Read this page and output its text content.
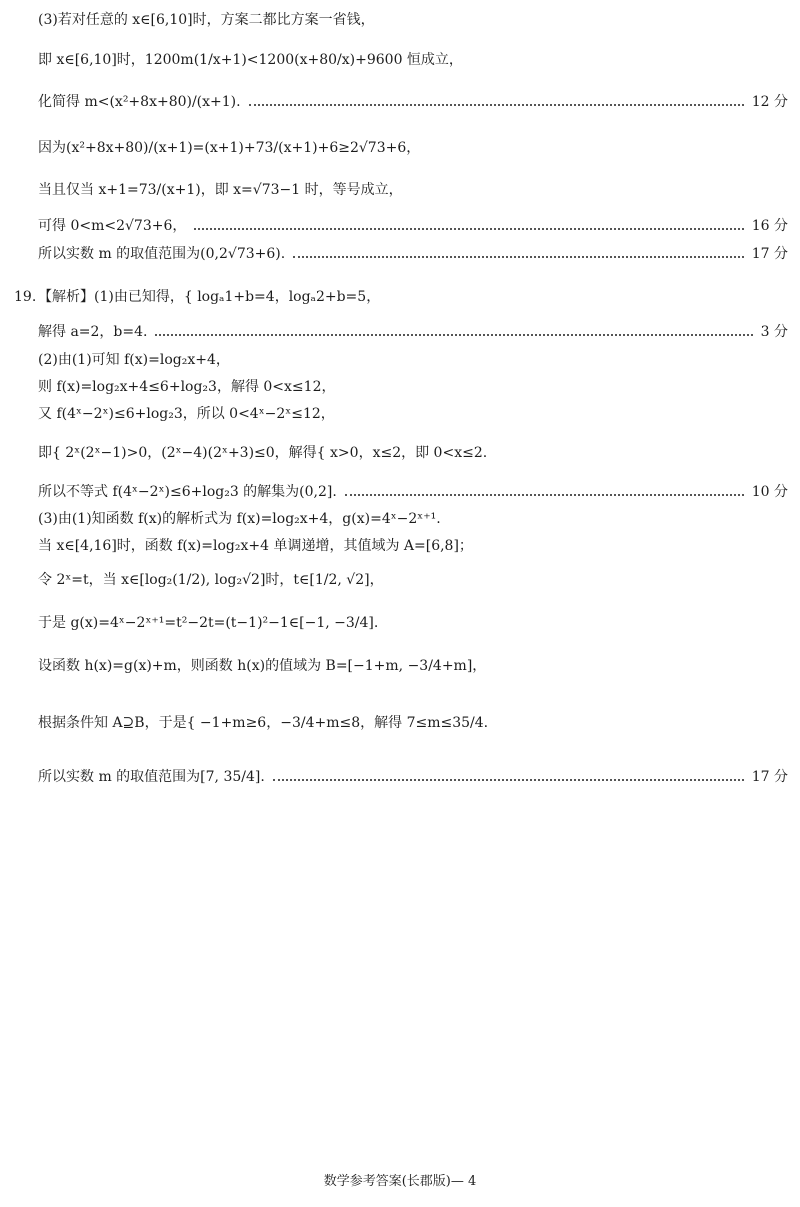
(3)若对任意的 x∈[6,10]时，方案二都比方案一省钱，
即 x∈[6,10]时，1200m(1/x+1)<1200(x+80/x)+9600 恒成立，
化简得 m<(x²+8x+80)/(x+1).	12 分
因为(x²+8x+80)/(x+1)=(x+1)+73/(x+1)+6≥2√73+6，
当且仅当 x+1=73/(x+1)，即 x=√73−1 时，等号成立，
可得 0<m<2√73+6，	16 分
所以实数 m 的取值范围为(0,2√73+6).	17 分
19. 【解析】(1)由已知得，{ logₐ1+b=4，logₐ2+b=5，
解得 a=2，b=4.	3 分
(2)由(1)可知 f(x)=log₂x+4，
则 f(x)=log₂x+4≤6+log₂3，解得 0<x≤12，
又 f(4ˣ−2ˣ)≤6+log₂3，所以 0<4ˣ−2ˣ≤12，
即{ 2ˣ(2ˣ−1)>0，(2ˣ−4)(2ˣ+3)≤0，解得{ x>0，x≤2，即 0<x≤2.
所以不等式 f(4ˣ−2ˣ)≤6+log₂3 的解集为(0,2].	10 分
(3)由(1)知函数 f(x)的解析式为 f(x)=log₂x+4，g(x)=4ˣ−2ˣ⁺¹.
当 x∈[4,16]时，函数 f(x)=log₂x+4 单调递增，其值域为 A=[6,8]；
令 2ˣ=t，当 x∈[log₂(1/2), log₂√2]时，t∈[1/2, √2]，
于是 g(x)=4ˣ−2ˣ⁺¹=t²−2t=(t−1)²−1∈[−1, −3/4].
设函数 h(x)=g(x)+m，则函数 h(x)的值域为 B=[−1+m, −3/4+m]，
根据条件知 A⊇B，于是{ −1+m≥6，−3/4+m≤8，解得 7≤m≤35/4.
所以实数 m 的取值范围为[7, 35/4].	17 分
数学参考答案(长郡版)— 4
